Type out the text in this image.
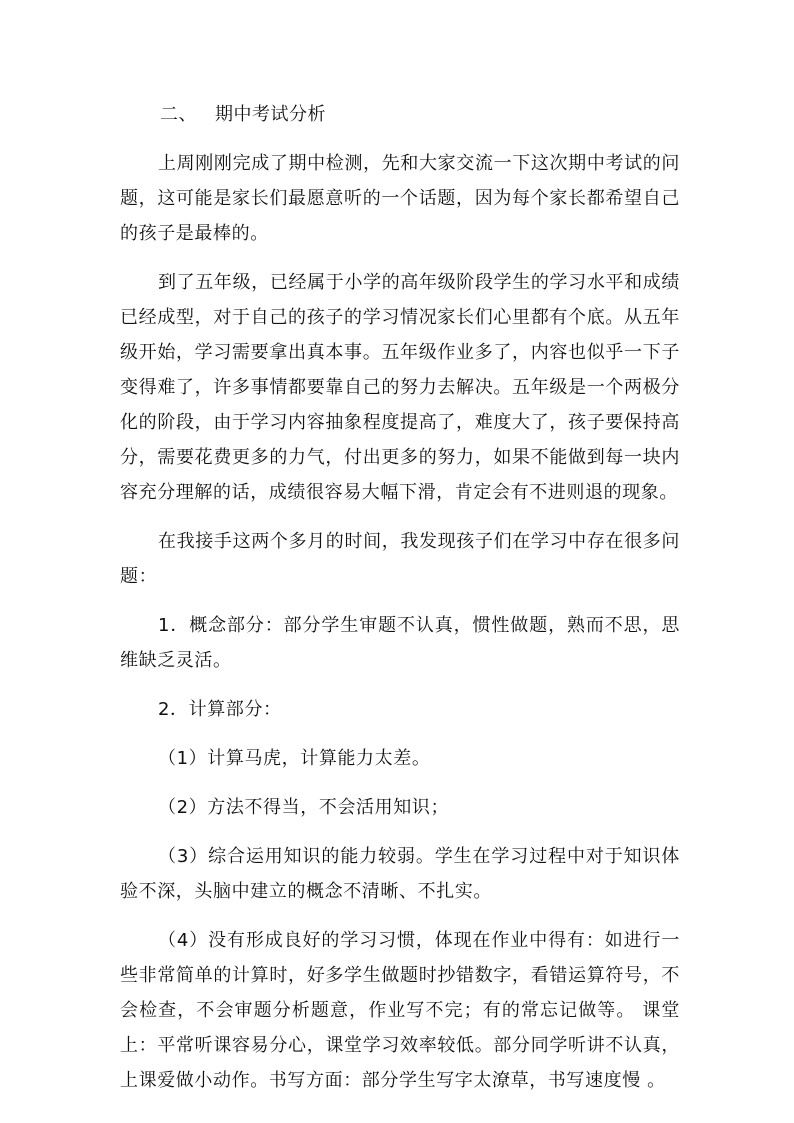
二、 期中考试分析

上周刚刚完成了期中检测，先和大家交流一下这次期中考试的问题，这可能是家长们最愿意听的一个话题，因为每个家长都希望自己的孩子是最棒的。

到了五年级，已经属于小学的高年级阶段学生的学习水平和成绩已经成型，对于自己的孩子的学习情况家长们心里都有个底。从五年级开始，学习需要拿出真本事。五年级作业多了，内容也似乎一下子变得难了，许多事情都要靠自己的努力去解决。五年级是一个两极分化的阶段，由于学习内容抽象程度提高了，难度大了，孩子要保持高分，需要花费更多的力气，付出更多的努力，如果不能做到每一块内容充分理解的话，成绩很容易大幅下滑，肯定会有不进则退的现象。

在我接手这两个多月的时间，我发现孩子们在学习中存在很多问题：

1．概念部分：部分学生审题不认真，惯性做题，熟而不思，思维缺乏灵活。

2．计算部分：

（1）计算马虎，计算能力太差。

（2）方法不得当，不会活用知识；

（3）综合运用知识的能力较弱。学生在学习过程中对于知识体验不深，头脑中建立的概念不清晰、不扎实。

（4）没有形成良好的学习习惯，体现在作业中得有：如进行一些非常简单的计算时，好多学生做题时抄错数字，看错运算符号，不会检查，不会审题分析题意，作业写不完；有的常忘记做等。 课堂上：平常听课容易分心，课堂学习效率较低。部分同学听讲不认真，上课爱做小动作。书写方面：部分学生写字太潦草，书写速度慢 。
